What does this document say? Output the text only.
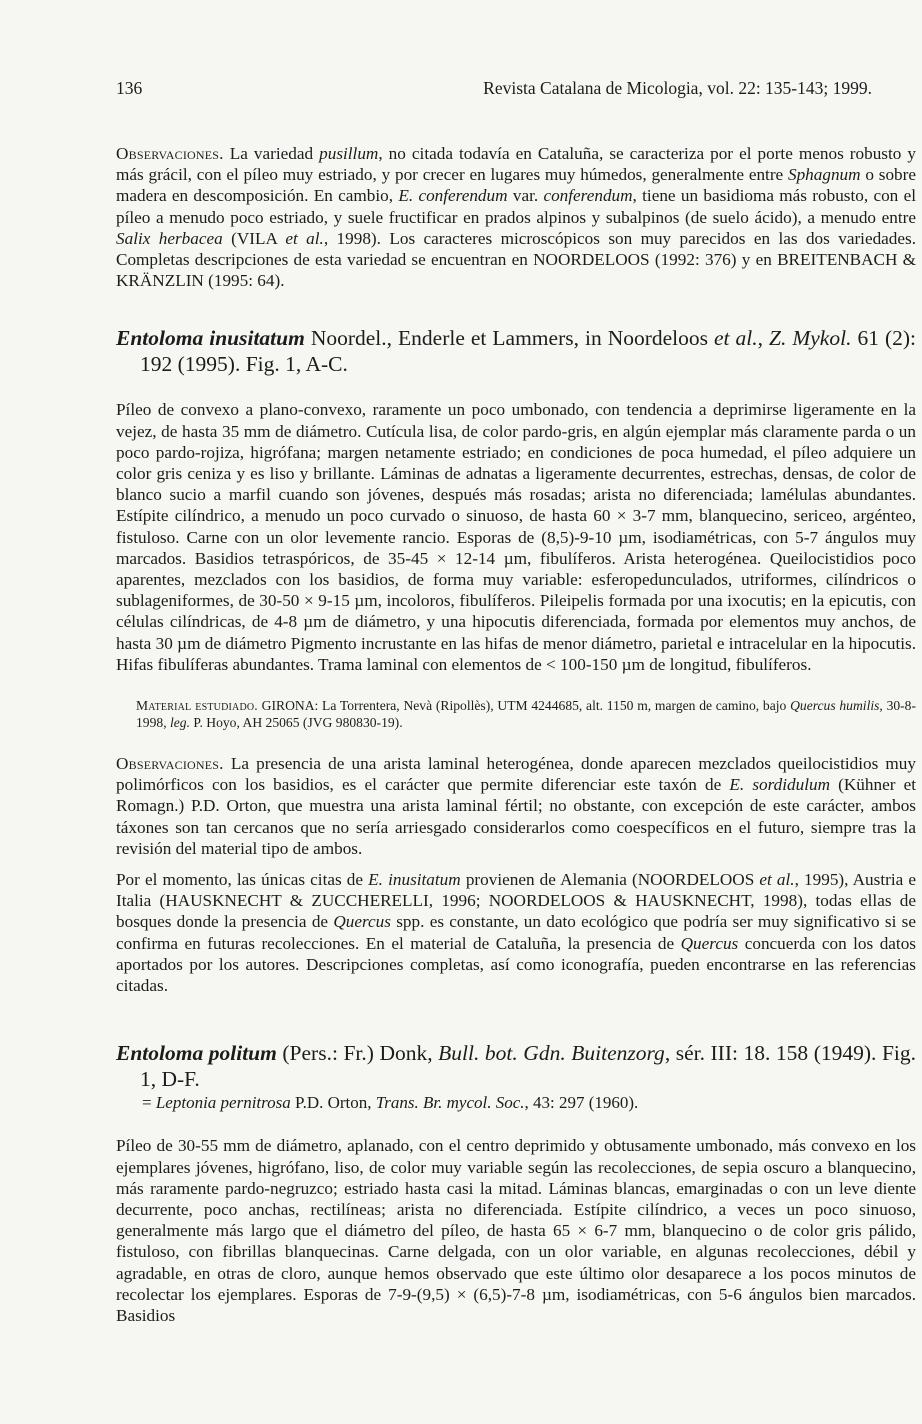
136	Revista Catalana de Micologia, vol. 22: 135-143; 1999.

Observaciones. La variedad pusillum, no citada todavía en Cataluña, se caracteriza por el porte menos robusto y más grácil, con el píleo muy estriado, y por crecer en lugares muy húmedos, generalmente entre Sphagnum o sobre madera en descomposición. En cambio, E. conferendum var. conferendum, tiene un basidioma más robusto, con el píleo a menudo poco estriado, y suele fructificar en prados alpinos y subalpinos (de suelo ácido), a menudo entre Salix herbacea (VILA et al., 1998). Los caracteres microscópicos son muy parecidos en las dos variedades. Completas descripciones de esta variedad se encuentran en NOORDELOOS (1992: 376) y en BREITENBACH & KRÄNZLIN (1995: 64).

Entoloma inusitatum Noordel., Enderle et Lammers, in Noordeloos et al., Z. Mykol. 61 (2): 192 (1995). Fig. 1, A-C.

Píleo de convexo a plano-convexo, raramente un poco umbonado, con tendencia a deprimirse ligeramente en la vejez, de hasta 35 mm de diámetro. Cutícula lisa, de color pardo-gris, en algún ejemplar más claramente parda o un poco pardo-rojiza, higrófana; margen netamente estriado; en condiciones de poca humedad, el píleo adquiere un color gris ceniza y es liso y brillante. Láminas de adnatas a ligeramente decurrentes, estrechas, densas, de color de blanco sucio a marfil cuando son jóvenes, después más rosadas; arista no diferenciada; lamélulas abundantes. Estípite cilíndrico, a menudo un poco curvado o sinuoso, de hasta 60 × 3-7 mm, blanquecino, sericeo, argénteo, fistuloso. Carne con un olor levemente rancio. Esporas de (8,5)-9-10 µm, isodiamétricas, con 5-7 ángulos muy marcados. Basidios tetraspóricos, de 35-45 × 12-14 µm, fibulíferos. Arista heterogénea. Queilocistidios poco aparentes, mezclados con los basidios, de forma muy variable: esferopedunculados, utriformes, cilíndricos o sublageniformes, de 30-50 × 9-15 µm, incoloros, fibulíferos. Pileipelis formada por una ixocutis; en la epicutis, con células cilíndricas, de 4-8 µm de diámetro, y una hipocutis diferenciada, formada por elementos muy anchos, de hasta 30 µm de diámetro Pigmento incrustante en las hifas de menor diámetro, parietal e intracelular en la hipocutis. Hifas fibulíferas abundantes. Trama laminal con elementos de < 100-150 µm de longitud, fibulíferos.

Material estudiado. GIRONA: La Torrentera, Nevà (Ripollès), UTM 4244685, alt. 1150 m, margen de camino, bajo Quercus humilis, 30-8-1998, leg. P. Hoyo, AH 25065 (JVG 980830-19).

Observaciones. La presencia de una arista laminal heterogénea, donde aparecen mezclados queilocistidios muy polimórficos con los basidios, es el carácter que permite diferenciar este taxón de E. sordidulum (Kühner et Romagn.) P.D. Orton, que muestra una arista laminal fértil; no obstante, con excepción de este carácter, ambos táxones son tan cercanos que no sería arriesgado considerarlos como coespecíficos en el futuro, siempre tras la revisión del material tipo de ambos.

Por el momento, las únicas citas de E. inusitatum provienen de Alemania (NOORDELOOS et al., 1995), Austria e Italia (HAUSKNECHT & ZUCCHERELLI, 1996; NOORDELOOS & HAUSKNECHT, 1998), todas ellas de bosques donde la presencia de Quercus spp. es constante, un dato ecológico que podría ser muy significativo si se confirma en futuras recolecciones. En el material de Cataluña, la presencia de Quercus concuerda con los datos aportados por los autores. Descripciones completas, así como iconografía, pueden encontrarse en las referencias citadas.

Entoloma politum (Pers.: Fr.) Donk, Bull. bot. Gdn. Buitenzorg, sér. III: 18. 158 (1949). Fig. 1, D-F.

= Leptonia pernitrosa P.D. Orton, Trans. Br. mycol. Soc., 43: 297 (1960).

Píleo de 30-55 mm de diámetro, aplanado, con el centro deprimido y obtusamente umbonado, más convexo en los ejemplares jóvenes, higrófano, liso, de color muy variable según las recolecciones, de sepia oscuro a blanquecino, más raramente pardo-negruzco; estriado hasta casi la mitad. Láminas blancas, emarginadas o con un leve diente decurrente, poco anchas, rectilíneas; arista no diferenciada. Estípite cilíndrico, a veces un poco sinuoso, generalmente más largo que el diámetro del píleo, de hasta 65 × 6-7 mm, blanquecino o de color gris pálido, fistuloso, con fibrillas blanquecinas. Carne delgada, con un olor variable, en algunas recolecciones, débil y agradable, en otras de cloro, aunque hemos observado que este último olor desaparece a los pocos minutos de recolectar los ejemplares. Esporas de 7-9-(9,5) × (6,5)-7-8 µm, isodiamétricas, con 5-6 ángulos bien marcados. Basidios
